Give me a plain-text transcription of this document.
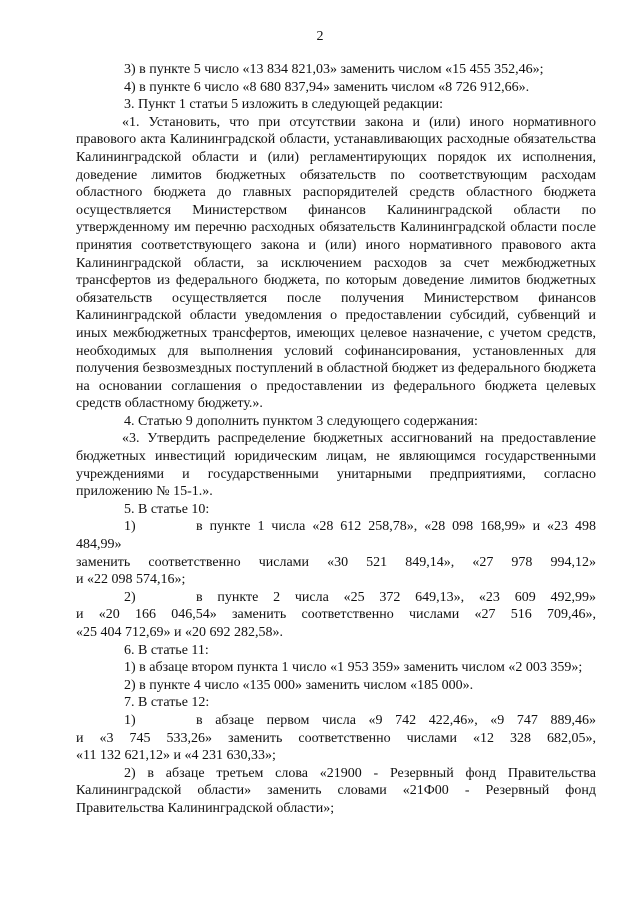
2

3) в пункте 5 число «13 834 821,03» заменить числом «15 455 352,46»;

4) в пункте 6 число «8 680 837,94» заменить числом «8 726 912,66».

3. Пункт 1 статьи 5 изложить в следующей редакции:

«1. Установить, что при отсутствии закона и (или) иного нормативного правового акта Калининградской области, устанавливающих расходные обязательства Калининградской области и (или) регламентирующих порядок их исполнения, доведение лимитов бюджетных обязательств по соответствующим расходам областного бюджета до главных распорядителей средств областного бюджета осуществляется Министерством финансов Калининградской области по утвержденному им перечню расходных обязательств Калининградской области после принятия соответствующего закона и (или) иного нормативного правового акта Калининградской области, за исключением расходов за счет межбюджетных трансфертов из федерального бюджета, по которым доведение лимитов бюджетных обязательств осуществляется после получения Министерством финансов Калининградской области уведомления о предоставлении субсидий, субвенций и иных межбюджетных трансфертов, имеющих целевое назначение, с учетом средств, необходимых для выполнения условий софинансирования, установленных для получения безвозмездных поступлений в областной бюджет из федерального бюджета на основании соглашения о предоставлении из федерального бюджета целевых средств областному бюджету.».

4. Статью 9 дополнить пунктом 3 следующего содержания:

«3. Утвердить распределение бюджетных ассигнований на предоставление бюджетных инвестиций юридическим лицам, не являющимся государственными учреждениями и государственными унитарными предприятиями, согласно приложению № 15-1.».

5. В статье 10:

1)	в пункте 1 числа «28 612 258,78», «28 098 168,99» и «23 498 484,99»

заменить соответственно числами «30 521 849,14», «27 978 994,12»

и «22 098 574,16»;

2)	в пункте 2 числа «25 372 649,13», «23 609 492,99»

и «20 166 046,54» заменить соответственно числами «27 516 709,46»,

«25 404 712,69» и «20 692 282,58».

6. В статье 11:

1) в абзаце втором пункта 1 число «1 953 359» заменить числом «2 003 359»;

2) в пункте 4 число «135 000» заменить числом «185 000».

7. В статье 12:

1)	в абзаце первом числа «9 742 422,46», «9 747 889,46»

и «3 745 533,26» заменить соответственно числами «12 328 682,05»,

«11 132 621,12» и «4 231 630,33»;

2) в абзаце третьем слова «21900 - Резервный фонд Правительства Калининградской области» заменить словами «21Ф00 - Резервный фонд Правительства Калининградской области»;
